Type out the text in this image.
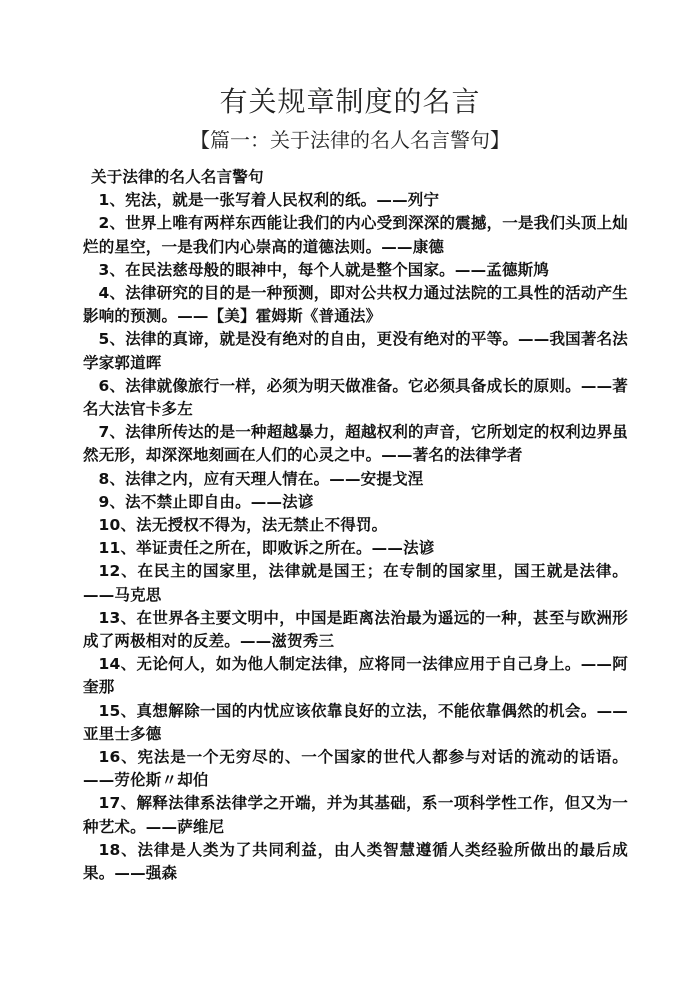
有关规章制度的名言
【篇一：关于法律的名人名言警句】

关于法律的名人名言警句

1、宪法，就是一张写着人民权利的纸。——列宁

2、世界上唯有两样东西能让我们的内心受到深深的震撼，一是我们头顶上灿烂的星空，一是我们内心崇高的道德法则。——康德

3、在民法慈母般的眼神中，每个人就是整个国家。——孟德斯鸠

4、法律研究的目的是一种预测，即对公共权力通过法院的工具性的活动产生影响的预测。——【美】霍姆斯《普通法》

5、法律的真谛，就是没有绝对的自由，更没有绝对的平等。——我国著名法学家郭道晖

6、法律就像旅行一样，必须为明天做准备。它必须具备成长的原则。——著名大法官卡多左

7、法律所传达的是一种超越暴力，超越权利的声音，它所划定的权利边界虽然无形，却深深地刻画在人们的心灵之中。——著名的法律学者

8、法律之内，应有天理人情在。——安提戈涅

9、法不禁止即自由。——法谚

10、法无授权不得为，法无禁止不得罚。

11、举证责任之所在，即败诉之所在。——法谚

12、在民主的国家里，法律就是国王；在专制的国家里，国王就是法律。——马克思

13、在世界各主要文明中，中国是距离法治最为遥远的一种，甚至与欧洲形成了两极相对的反差。——滋贺秀三

14、无论何人，如为他人制定法律，应将同一法律应用于自己身上。——阿奎那

15、真想解除一国的内忧应该依靠良好的立法，不能依靠偶然的机会。——亚里士多德

16、宪法是一个无穷尽的、一个国家的世代人都参与对话的流动的话语。——劳伦斯〃却伯

17、解释法律系法律学之开端，并为其基础，系一项科学性工作，但又为一种艺术。——萨维尼

18、法律是人类为了共同利益，由人类智慧遵循人类经验所做出的最后成果。——强森
